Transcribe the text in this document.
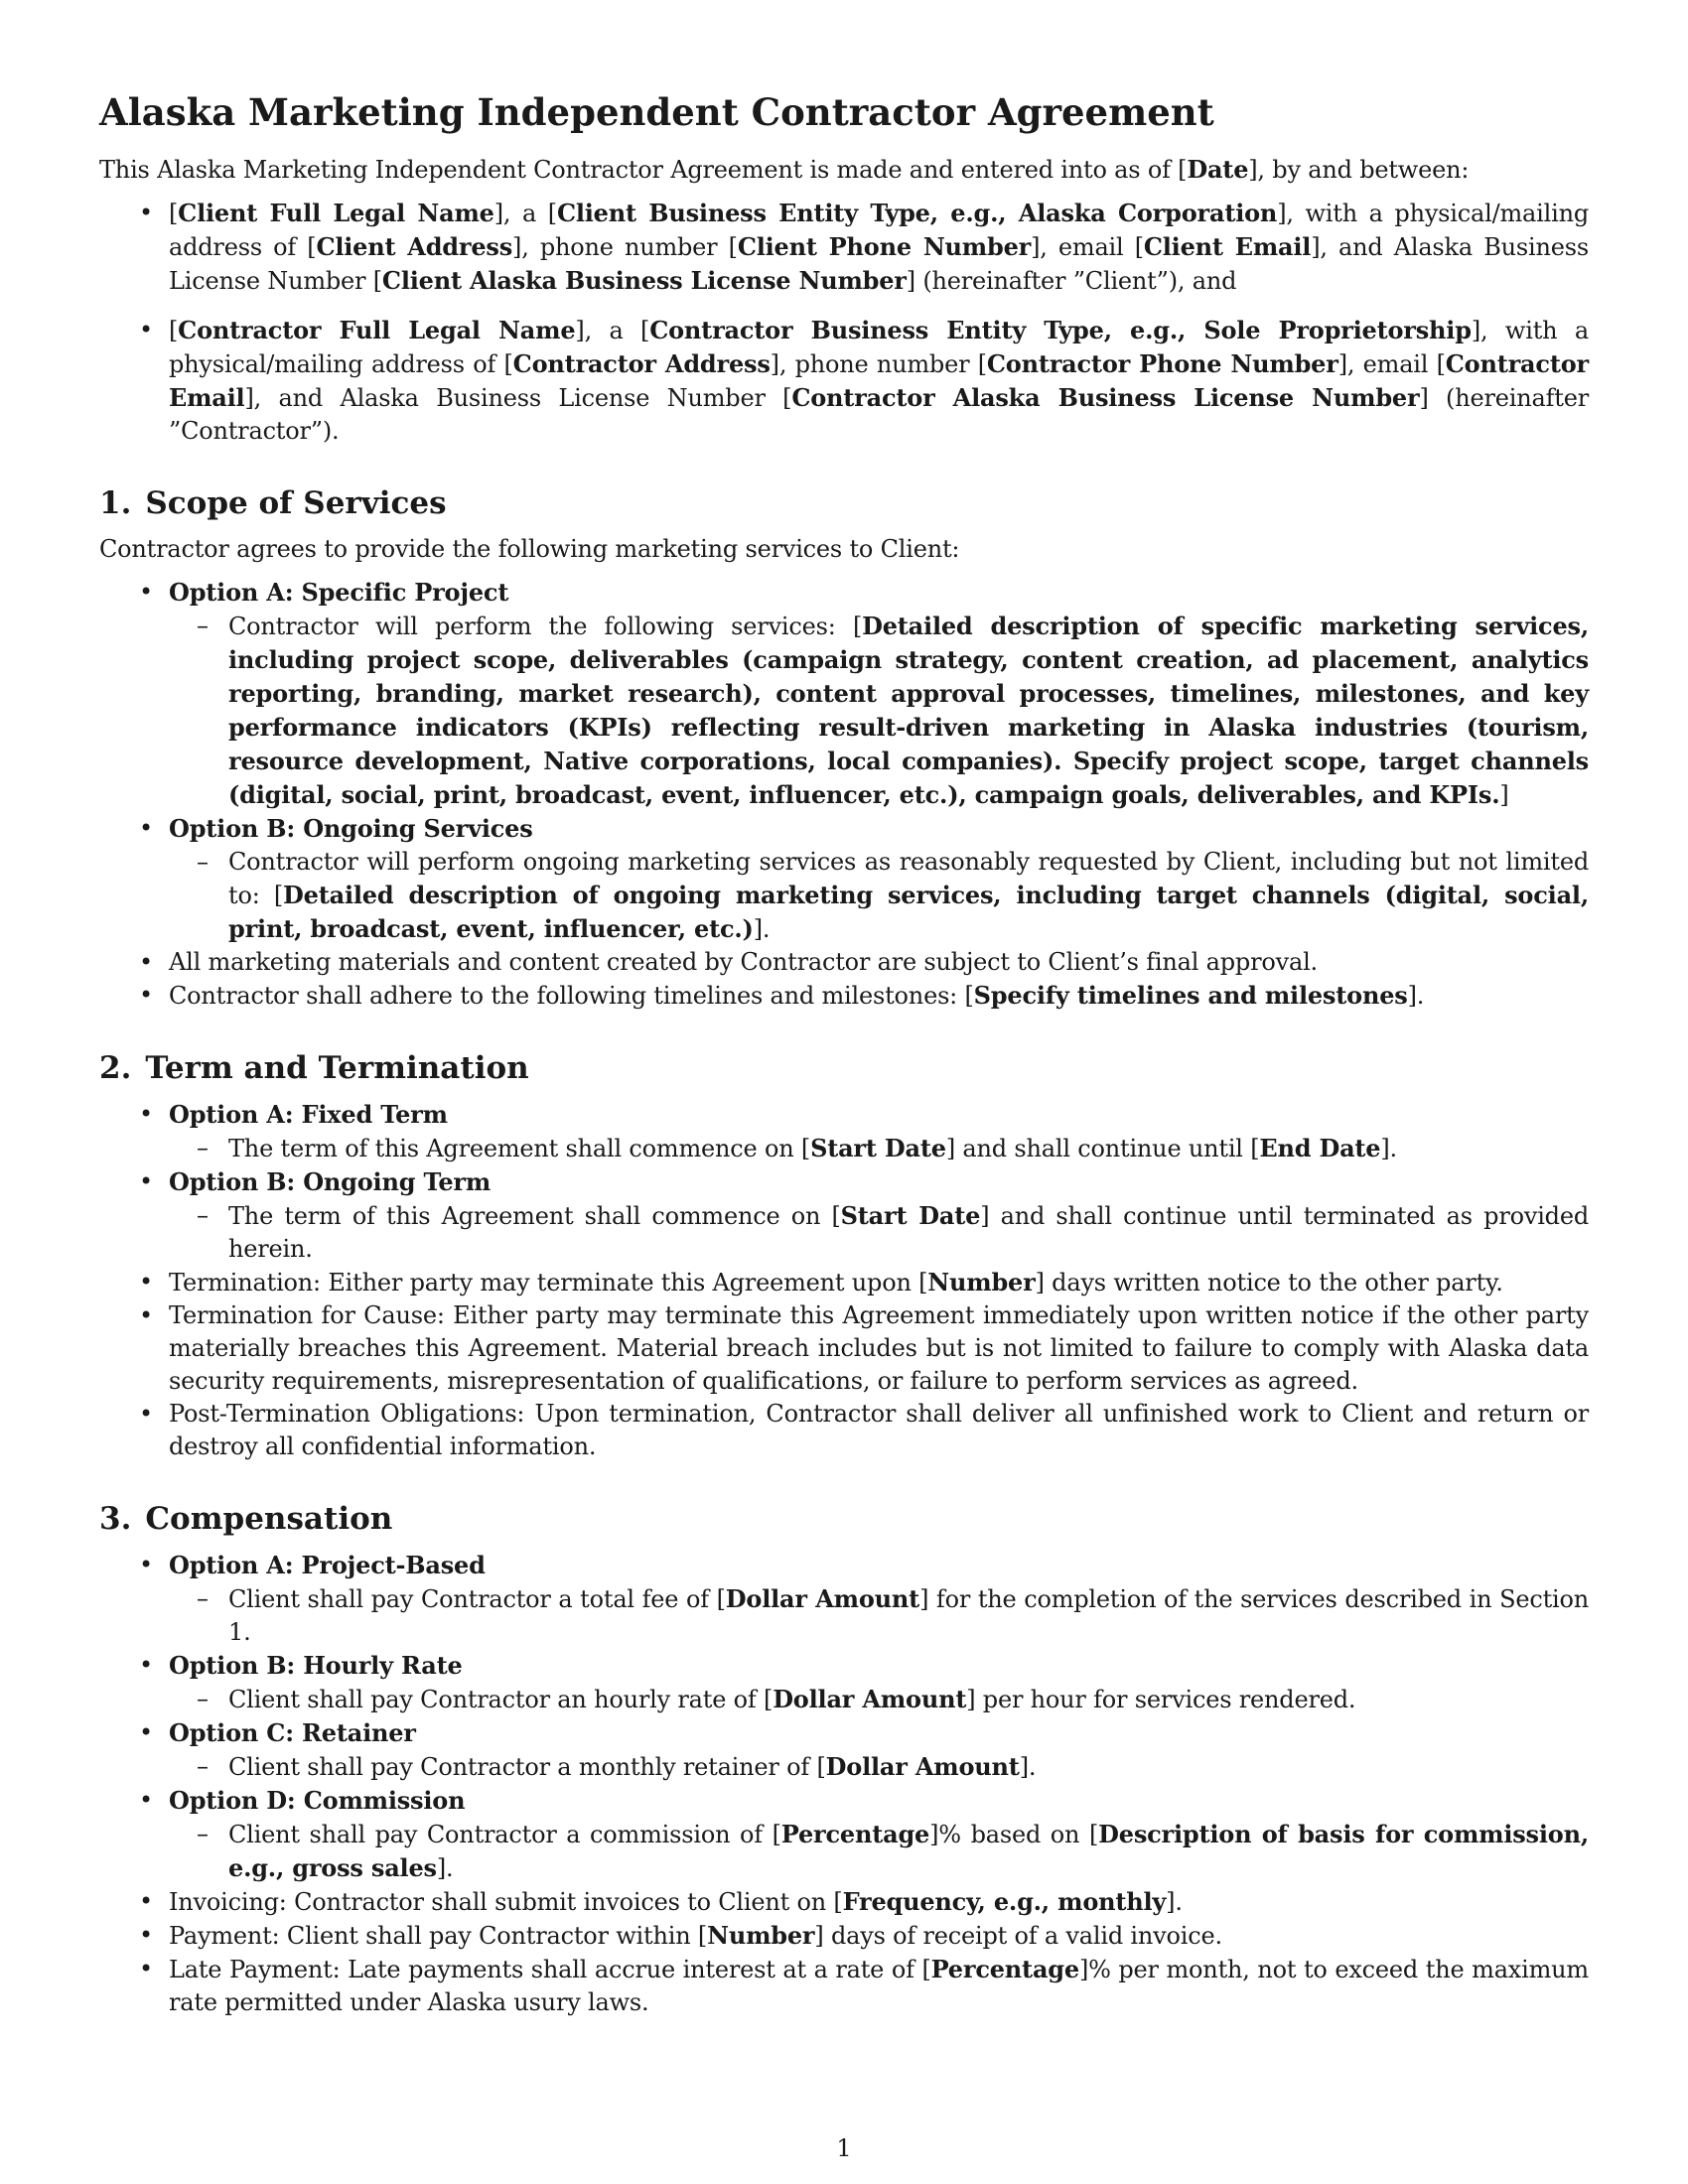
Alaska Marketing Independent Contractor Agreement

This Alaska Marketing Independent Contractor Agreement is made and entered into as of [Date], by and between:

• [Client Full Legal Name], a [Client Business Entity Type, e.g., Alaska Corporation], with a physical/mailing address of [Client Address], phone number [Client Phone Number], email [Client Email], and Alaska Business License Number [Client Alaska Business License Number] (hereinafter ”Client”), and
• [Contractor Full Legal Name], a [Contractor Business Entity Type, e.g., Sole Proprietorship], with a physical/mailing address of [Contractor Address], phone number [Contractor Phone Number], email [Contractor Email], and Alaska Business License Number [Contractor Alaska Business License Number] (hereinafter ”Contractor”).
1. Scope of Services

Contractor agrees to provide the following marketing services to Client:

• Option A: Specific Project
– Contractor will perform the following services: [Detailed description of specific marketing services, including project scope, deliverables (campaign strategy, content creation, ad placement, analytics reporting, branding, market research), content approval processes, timelines, milestones, and key performance indicators (KPIs) reflecting result-driven marketing in Alaska industries (tourism, resource development, Native corporations, local companies). Specify project scope, target channels (digital, social, print, broadcast, event, influencer, etc.), campaign goals, deliverables, and KPIs.]
• Option B: Ongoing Services
– Contractor will perform ongoing marketing services as reasonably requested by Client, including but not limited to: [Detailed description of ongoing marketing services, including target channels (digital, social, print, broadcast, event, influencer, etc.)].
• All marketing materials and content created by Contractor are subject to Client’s final approval.
• Contractor shall adhere to the following timelines and milestones: [Specify timelines and milestones].
2. Term and Termination
• Option A: Fixed Term
– The term of this Agreement shall commence on [Start Date] and shall continue until [End Date].
• Option B: Ongoing Term
– The term of this Agreement shall commence on [Start Date] and shall continue until terminated as provided herein.
• Termination: Either party may terminate this Agreement upon [Number] days written notice to the other party.
• Termination for Cause: Either party may terminate this Agreement immediately upon written notice if the other party materially breaches this Agreement. Material breach includes but is not limited to failure to comply with Alaska data security requirements, misrepresentation of qualifications, or failure to perform services as agreed.
• Post-Termination Obligations: Upon termination, Contractor shall deliver all unfinished work to Client and return or destroy all confidential information.
3. Compensation
• Option A: Project-Based
– Client shall pay Contractor a total fee of [Dollar Amount] for the completion of the services described in Section 1.
• Option B: Hourly Rate
– Client shall pay Contractor an hourly rate of [Dollar Amount] per hour for services rendered.
• Option C: Retainer
– Client shall pay Contractor a monthly retainer of [Dollar Amount].
• Option D: Commission
– Client shall pay Contractor a commission of [Percentage]% based on [Description of basis for commission, e.g., gross sales].
• Invoicing: Contractor shall submit invoices to Client on [Frequency, e.g., monthly].
• Payment: Client shall pay Contractor within [Number] days of receipt of a valid invoice.
• Late Payment: Late payments shall accrue interest at a rate of [Percentage]% per month, not to exceed the maximum rate permitted under Alaska usury laws.
1
